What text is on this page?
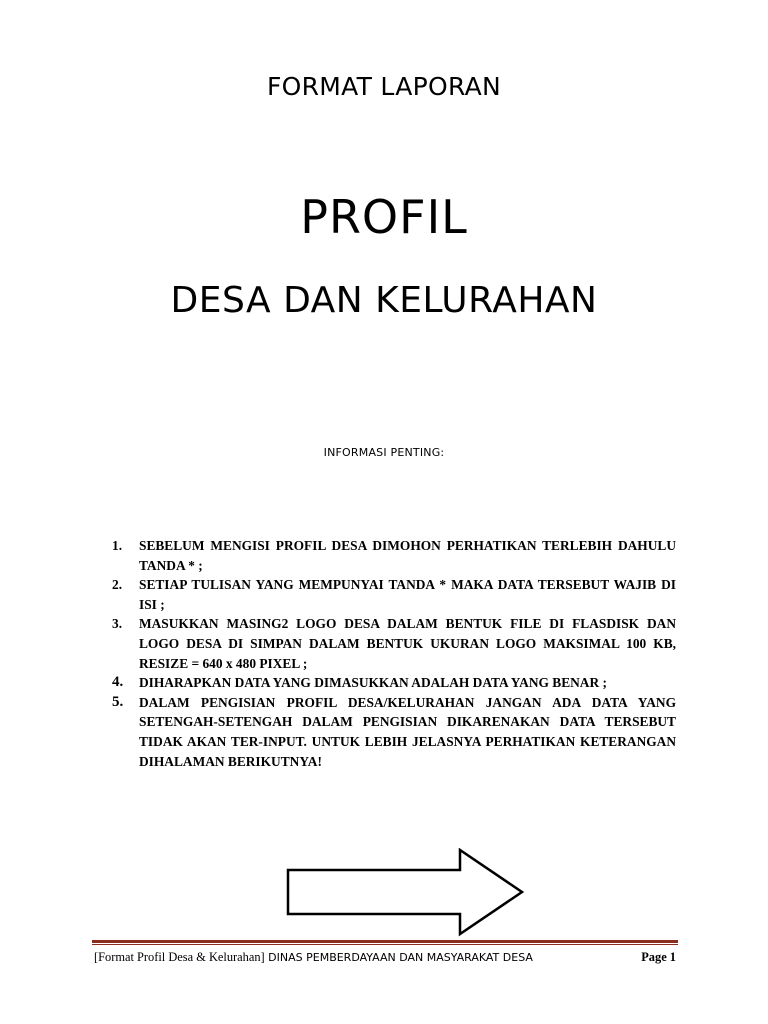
FORMAT LAPORAN
PROFIL
DESA DAN KELURAHAN
INFORMASI PENTING:
1. SEBELUM MENGISI PROFIL DESA DIMOHON PERHATIKAN TERLEBIH DAHULU TANDA * ;
2. SETIAP TULISAN YANG MEMPUNYAI TANDA * MAKA DATA TERSEBUT WAJIB DI ISI ;
3. MASUKKAN MASING2 LOGO DESA DALAM BENTUK FILE DI FLASDISK DAN LOGO DESA DI SIMPAN DALAM BENTUK UKURAN LOGO MAKSIMAL 100 KB, RESIZE = 640 x 480 PIXEL ;
4. DIHARAPKAN DATA YANG DIMASUKKAN ADALAH DATA YANG BENAR ;
5. DALAM PENGISIAN PROFIL DESA/KELURAHAN JANGAN ADA DATA YANG SETENGAH-SETENGAH DALAM PENGISIAN DIKARENAKAN DATA TERSEBUT TIDAK AKAN TER-INPUT. UNTUK LEBIH JELASNYA PERHATIKAN KETERANGAN DIHALAMAN BERIKUTNYA!
[Format Profil Desa & Kelurahan] DINAS PEMBERDAYAAN DAN MASYARAKAT DESA	Page 1
